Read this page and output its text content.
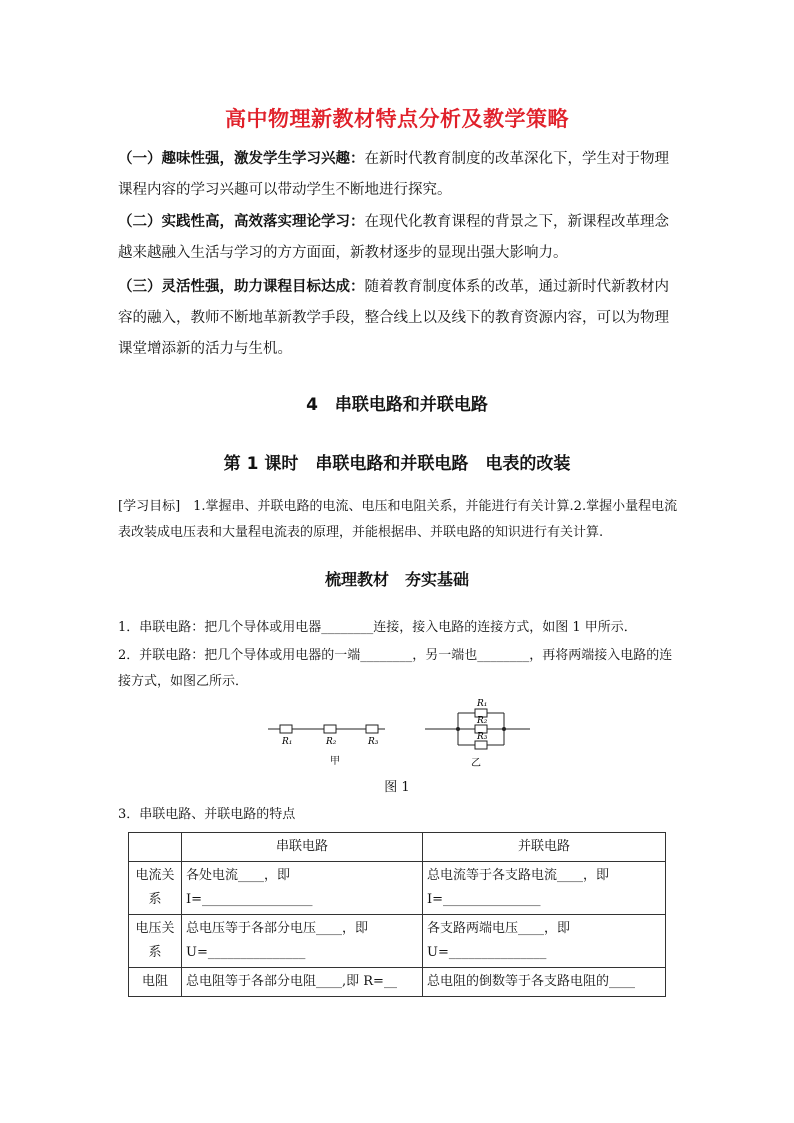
高中物理新教材特点分析及教学策略
（一）趣味性强，激发学生学习兴趣：在新时代教育制度的改革深化下，学生对于物理课程内容的学习兴趣可以带动学生不断地进行探究。
（二）实践性高，高效落实理论学习：在现代化教育课程的背景之下，新课程改革理念越来越融入生活与学习的方方面面，新教材逐步的显现出强大影响力。
（三）灵活性强，助力课程目标达成：随着教育制度体系的改革，通过新时代新教材内容的融入，教师不断地革新教学手段，整合线上以及线下的教育资源内容，可以为物理课堂增添新的活力与生机。
4　串联电路和并联电路
第 1 课时　串联电路和并联电路　电表的改装
[学习目标]　1.掌握串、并联电路的电流、电压和电阻关系，并能进行有关计算.2.掌握小量程电流表改装成电压表和大量程电流表的原理，并能根据串、并联电路的知识进行有关计算.
梳理教材　夯实基础
1．串联电路：把几个导体或用电器________连接，接入电路的连接方式，如图 1 甲所示．
2．并联电路：把几个导体或用电器的一端________，另一端也________，再将两端接入电路的连接方式，如图乙所示．
R₁	R₂	R₃
甲
R₁
R₂
R₃
乙
图 1
3．串联电路、并联电路的特点
	串联电路	并联电路
电流关系	各处电流____，即 I=_________________	总电流等于各支路电流____，即 I=_______________
电压关系	总电压等于各部分电压____，即 U=_______________	各支路两端电压____，即 U=_______________
电阻	总电阻等于各部分电阻____,即 R=__	总电阻的倒数等于各支路电阻的____
